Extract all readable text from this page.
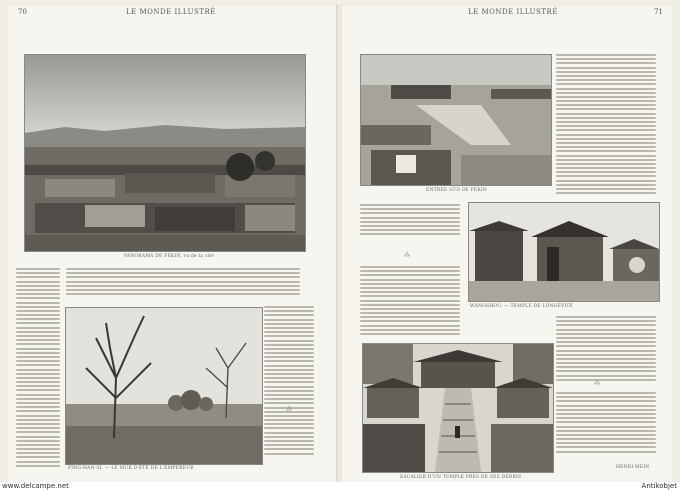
70	LE MONDE ILLUSTRÉ
PANORAMA DE PÉKIN, vu de la cité
PING-HAN-SI. — LE MUR D'ÉTÉ DE L'EMPEREUR
⁂
LE MONDE ILLUSTRÉ	71
ENTRÉE SUD DE PÉKIN
⁂
WANGSHOU. — TEMPLE DE LONGÉVITÉ
⁂
ESCALIER D'UN TEMPLE PRÈS DE SES DÉBRIS
HENRI MEIN
www.delcampe.net	Antikobjet
